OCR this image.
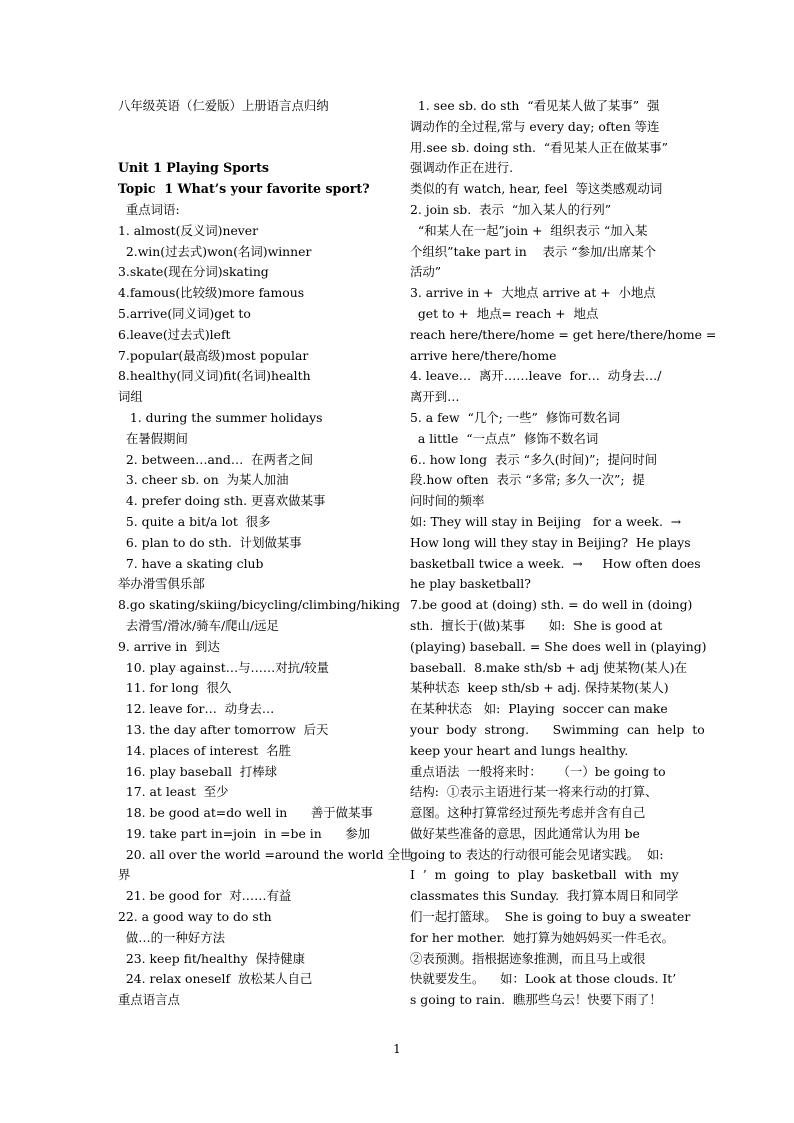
八年级英语（仁爱版）上册语言点归纳
Unit 1 Playing Sports
Topic  1 What’s your favorite sport?
重点词语:
1. almost(反义词)never
2.win(过去式)won(名词)winner
3.skate(现在分词)skating
4.famous(比较级)more famous
5.arrive(同义词)get to
6.leave(过去式)left
7.popular(最高级)most popular
8.healthy(同义词)fit(名词)health
词组
1. during the summer holidays
在暑假期间
2. between…and…  在两者之间
3. cheer sb. on  为某人加油
4. prefer doing sth. 更喜欢做某事
5. quite a bit/a lot  很多
6. plan to do sth.  计划做某事
7. have a skating club
举办滑雪俱乐部
8.go skating/skiing/bicycling/climbing/hiking
去滑雪/滑冰/骑车/爬山/远足
9. arrive in  到达
10. play against…与……对抗/较量
11. for long  很久
12. leave for…  动身去…
13. the day after tomorrow  后天
14. places of interest  名胜
16. play baseball  打棒球
17. at least  至少
18. be good at=do well in      善于做某事
19. take part in=join  in =be in      参加
20. all over the world =around the world 全世
界
21. be good for  对……有益
22. a good way to do sth
做…的一种好方法
23. keep fit/healthy  保持健康
24. relax oneself  放松某人自己
重点语言点
1. see sb. do sth  “看见某人做了某事”  强
调动作的全过程,常与 every day; often 等连
用.see sb. doing sth.  “看见某人正在做某事”
强调动作正在进行.
类似的有 watch, hear, feel  等这类感观动词
2. join sb.  表示  “加入某人的行列”
“和某人在一起”join +  组织表示 “加入某
个组织”take part in    表示 “参加/出席某个
活动”
3. arrive in +  大地点 arrive at +  小地点
get to +  地点= reach +  地点
reach here/there/home = get here/there/home =
arrive here/there/home
4. leave…  离开……leave  for…  动身去…/
离开到…
5. a few  “几个; 一些”  修饰可数名词
a little  “一点点”  修饰不数名词
6.. how long  表示 “多久(时间)”;  提问时间
段.how often  表示 “多常; 多久一次”;  提
问时间的频率
如: They will stay in Beijing   for a week.  →
How long will they stay in Beijing?  He plays
basketball twice a week.  →     How often does
he play basketball?
7.be good at (doing) sth. = do well in (doing)
sth.  擅长于(做)某事      如:  She is good at
(playing) baseball. = She does well in (playing)
baseball.  8.make sth/sb + adj 使某物(某人)在
某种状态  keep sth/sb + adj. 保持某物(某人)
在某种状态   如:  Playing  soccer can make
your  body  strong.      Swimming  can  help  to
keep your heart and lungs healthy.
重点语法  一般将来时：    （一）be going to
结构:  ①表示主语进行某一将来行动的打算、
意图。这种打算常经过预先考虑并含有自己
做好某些准备的意思，因此通常认为用 be
going to 表达的行动很可能会见诸实践。  如:
I  ’  m  going  to  play  basketball  with  my
classmates this Sunday.  我打算本周日和同学
们一起打篮球。  She is going to buy a sweater
for her mother.  她打算为她妈妈买一件毛衣。
②表预测。指根据迹象推测，而且马上或很
快就要发生。    如：Look at those clouds. It’
s going to rain.  瞧那些乌云！快要下雨了！
1
